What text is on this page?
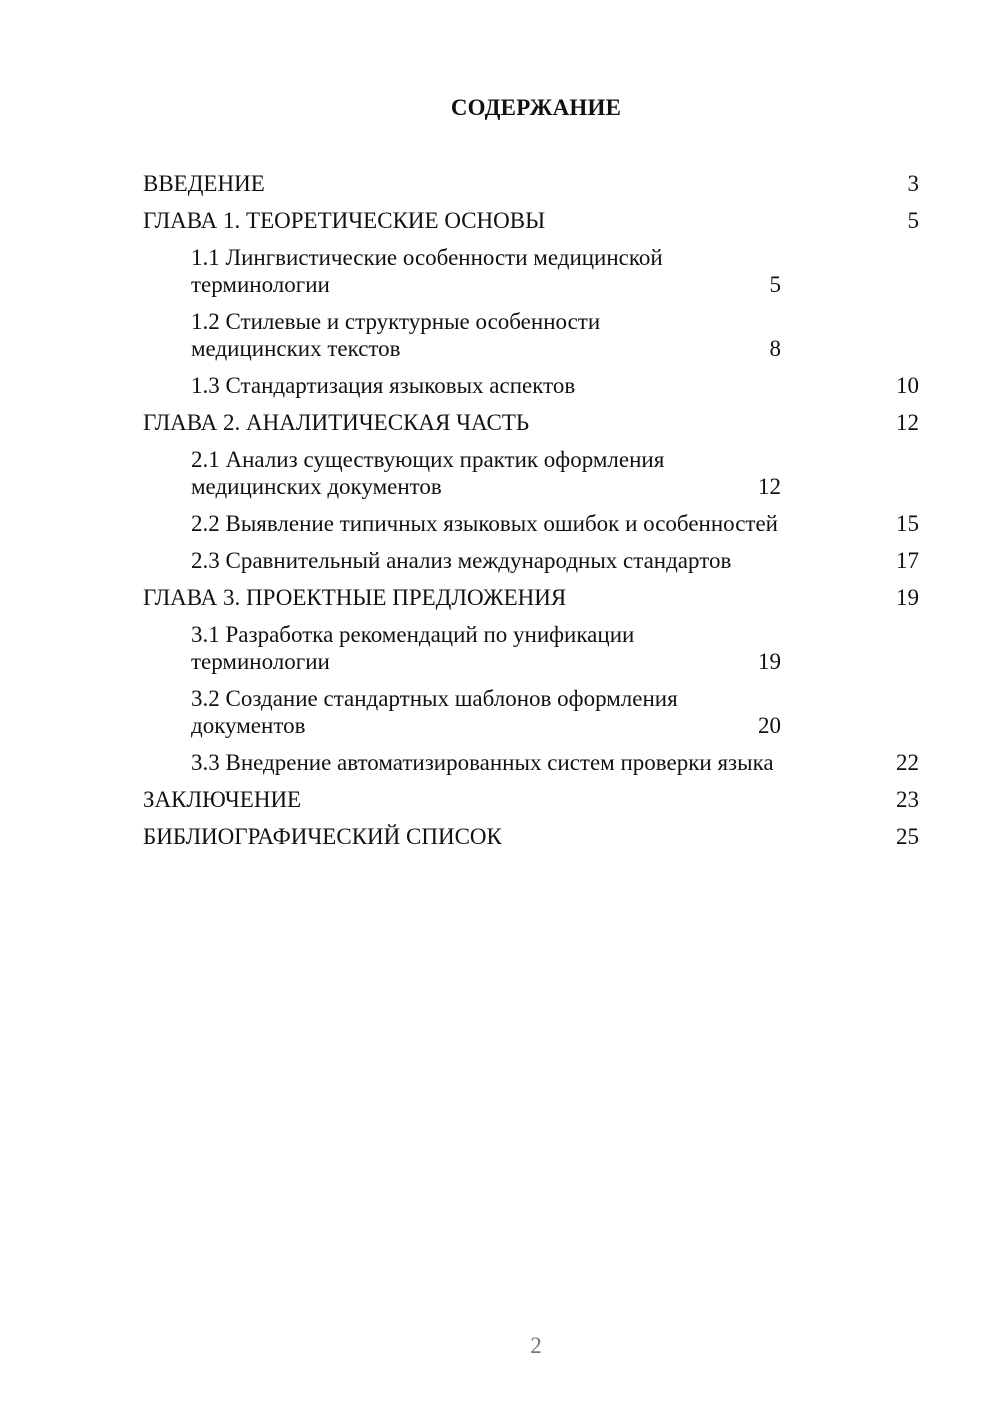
СОДЕРЖАНИЕ
ВВЕДЕНИЕ	3
ГЛАВА 1. ТЕОРЕТИЧЕСКИЕ ОСНОВЫ	5
1.1 Лингвистические особенности медицинской терминологии	5
1.2 Стилевые и структурные особенности медицинских текстов	8
1.3 Стандартизация языковых аспектов	10
ГЛАВА 2. АНАЛИТИЧЕСКАЯ ЧАСТЬ	12
2.1 Анализ существующих практик оформления медицинских документов	12
2.2 Выявление типичных языковых ошибок и особенностей	15
2.3 Сравнительный анализ международных стандартов	17
ГЛАВА 3. ПРОЕКТНЫЕ ПРЕДЛОЖЕНИЯ	19
3.1 Разработка рекомендаций по унификации терминологии	19
3.2 Создание стандартных шаблонов оформления документов	20
3.3 Внедрение автоматизированных систем проверки языка	22
ЗАКЛЮЧЕНИЕ	23
БИБЛИОГРАФИЧЕСКИЙ СПИСОК	25
2
